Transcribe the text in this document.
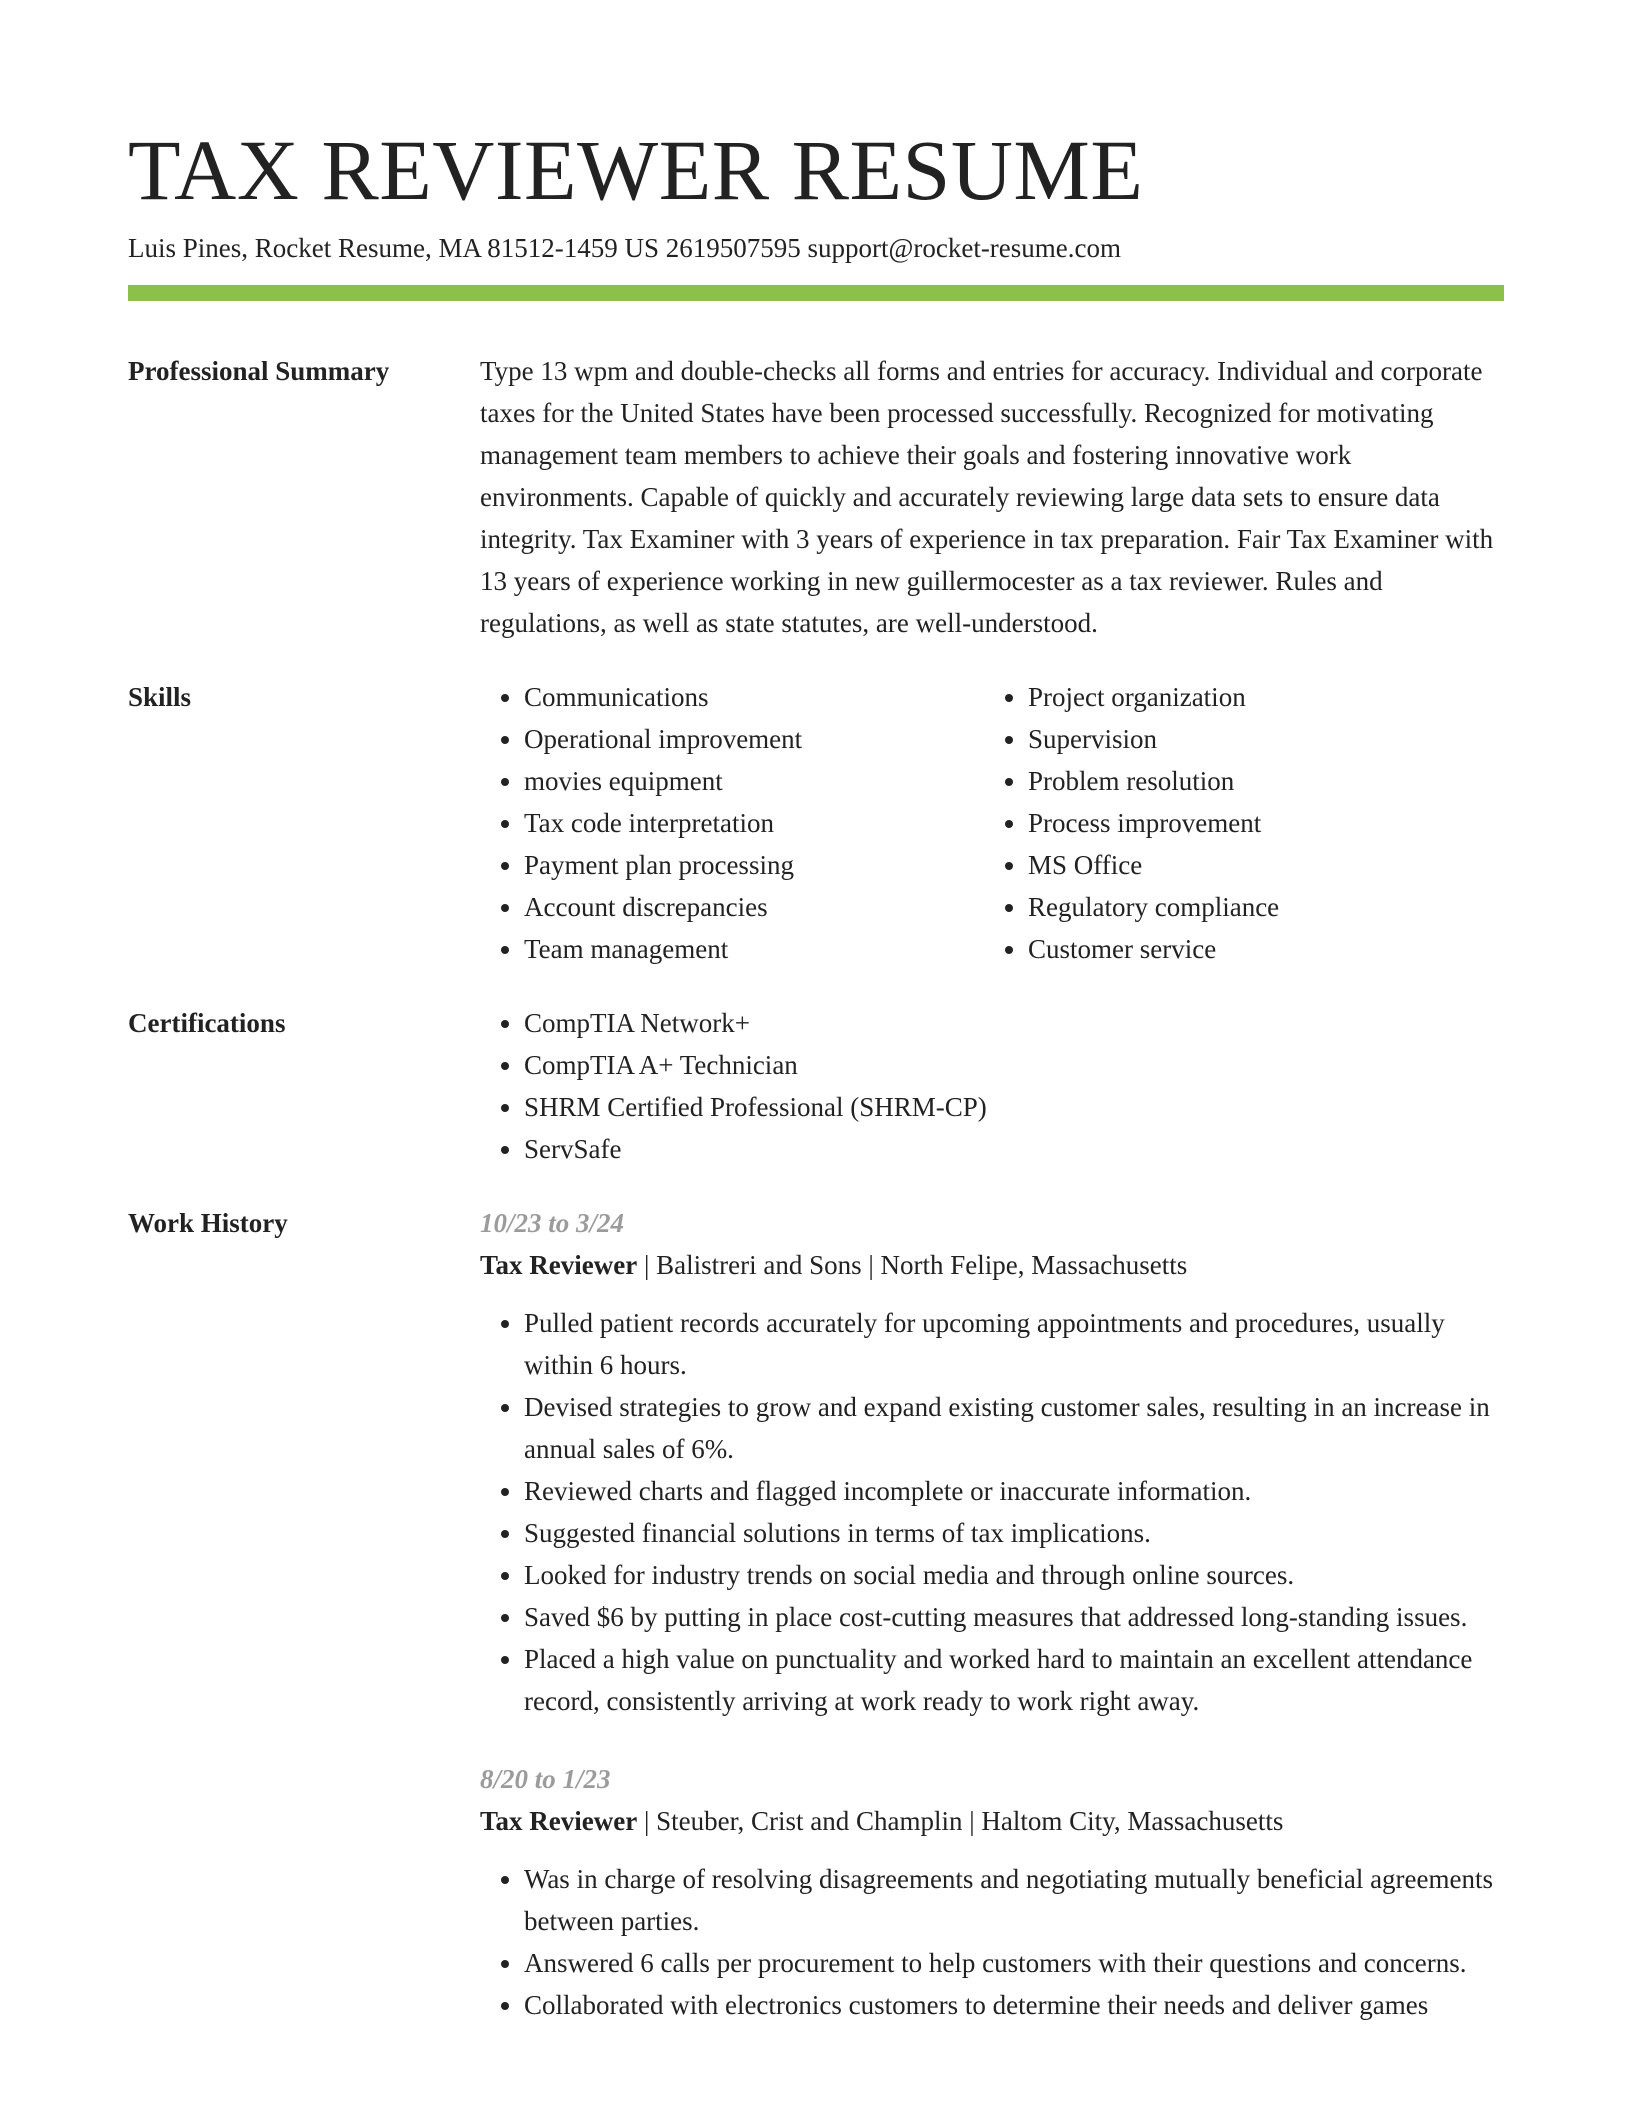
TAX REVIEWER RESUME
Luis Pines, Rocket Resume, MA 81512-1459 US 2619507595 support@rocket-resume.com
Professional Summary	Type 13 wpm and double-checks all forms and entries for accuracy. Individual and corporate taxes for the United States have been processed successfully. Recognized for motivating management team members to achieve their goals and fostering innovative work environments. Capable of quickly and accurately reviewing large data sets to ensure data integrity. Tax Examiner with 3 years of experience in tax preparation. Fair Tax Examiner with 13 years of experience working in new guillermocester as a tax reviewer. Rules and regulations, as well as state statutes, are well-understood.

Skills	• Communications
• Operational improvement
• movies equipment
• Tax code interpretation
• Payment plan processing
• Account discrepancies
• Team management
• Project organization
• Supervision
• Problem resolution
• Process improvement
• MS Office
• Regulatory compliance
• Customer service
Certifications	• CompTIA Network+
• CompTIA A+ Technician
• SHRM Certified Professional (SHRM-CP)
• ServSafe
Work History	10/23 to 3/24
Tax Reviewer | Balistreri and Sons | North Felipe, Massachusetts
• Pulled patient records accurately for upcoming appointments and procedures, usually within 6 hours.
• Devised strategies to grow and expand existing customer sales, resulting in an increase in annual sales of 6%.
• Reviewed charts and flagged incomplete or inaccurate information.
• Suggested financial solutions in terms of tax implications.
• Looked for industry trends on social media and through online sources.
• Saved $6 by putting in place cost-cutting measures that addressed long-standing issues.
• Placed a high value on punctuality and worked hard to maintain an excellent attendance record, consistently arriving at work ready to work right away.
8/20 to 1/23
Tax Reviewer | Steuber, Crist and Champlin | Haltom City, Massachusetts
• Was in charge of resolving disagreements and negotiating mutually beneficial agreements between parties.
• Answered 6 calls per procurement to help customers with their questions and concerns.
• Collaborated with electronics customers to determine their needs and deliver games
